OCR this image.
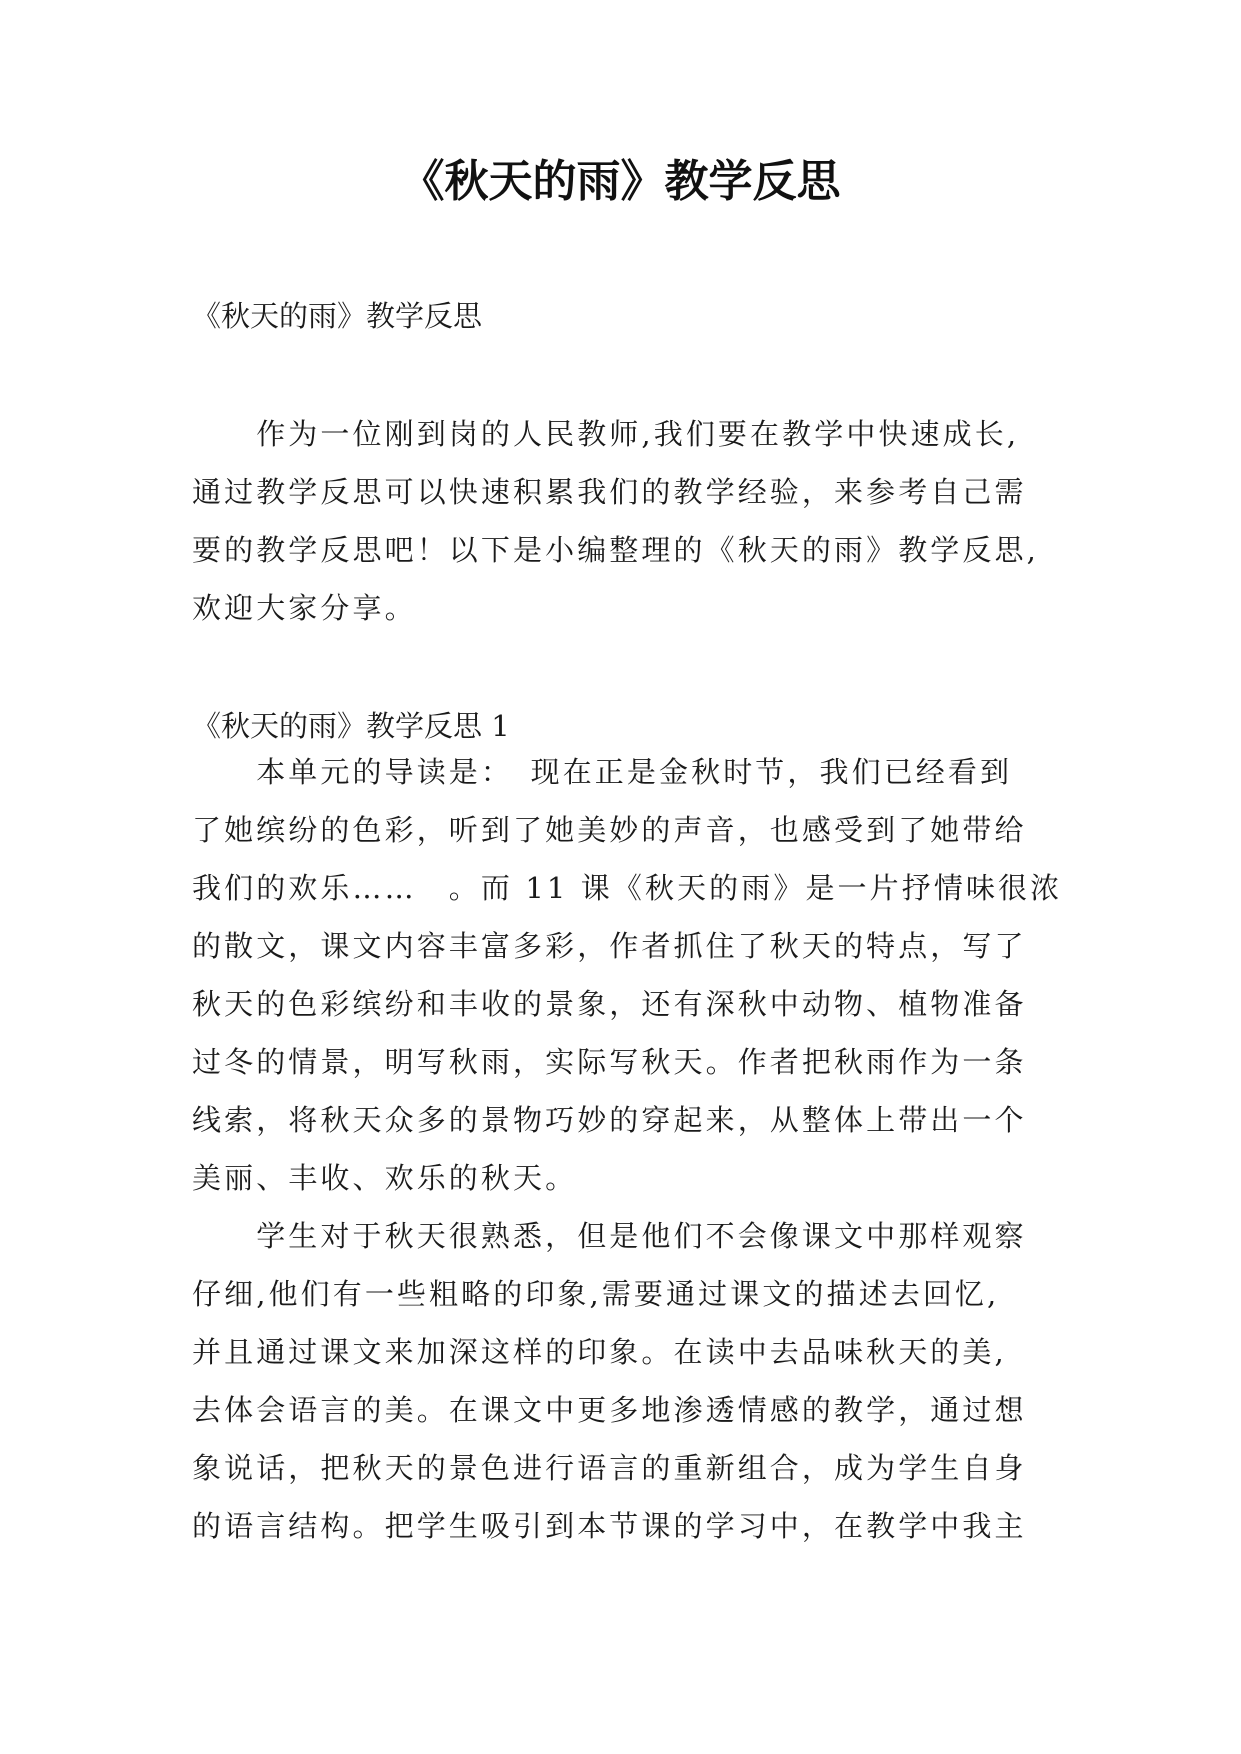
《秋天的雨》教学反思

《秋天的雨》教学反思

　　作为一位刚到岗的人民教师,我们要在教学中快速成长,
通过教学反思可以快速积累我们的教学经验，来参考自己需
要的教学反思吧！以下是小编整理的《秋天的雨》教学反思,
欢迎大家分享。

《秋天的雨》教学反思 1

　　本单元的导读是：　现在正是金秋时节，我们已经看到
了她缤纷的色彩，听到了她美妙的声音，也感受到了她带给
我们的欢乐……　。而 11 课《秋天的雨》是一片抒情味很浓
的散文，课文内容丰富多彩，作者抓住了秋天的特点，写了
秋天的色彩缤纷和丰收的景象，还有深秋中动物、植物准备
过冬的情景，明写秋雨，实际写秋天。作者把秋雨作为一条
线索，将秋天众多的景物巧妙的穿起来，从整体上带出一个
美丽、丰收、欢乐的秋天。
　　学生对于秋天很熟悉，但是他们不会像课文中那样观察
仔细,他们有一些粗略的印象,需要通过课文的描述去回忆,
并且通过课文来加深这样的印象。在读中去品味秋天的美,
去体会语言的美。在课文中更多地渗透情感的教学，通过想
象说话，把秋天的景色进行语言的重新组合，成为学生自身
的语言结构。把学生吸引到本节课的学习中，在教学中我主
